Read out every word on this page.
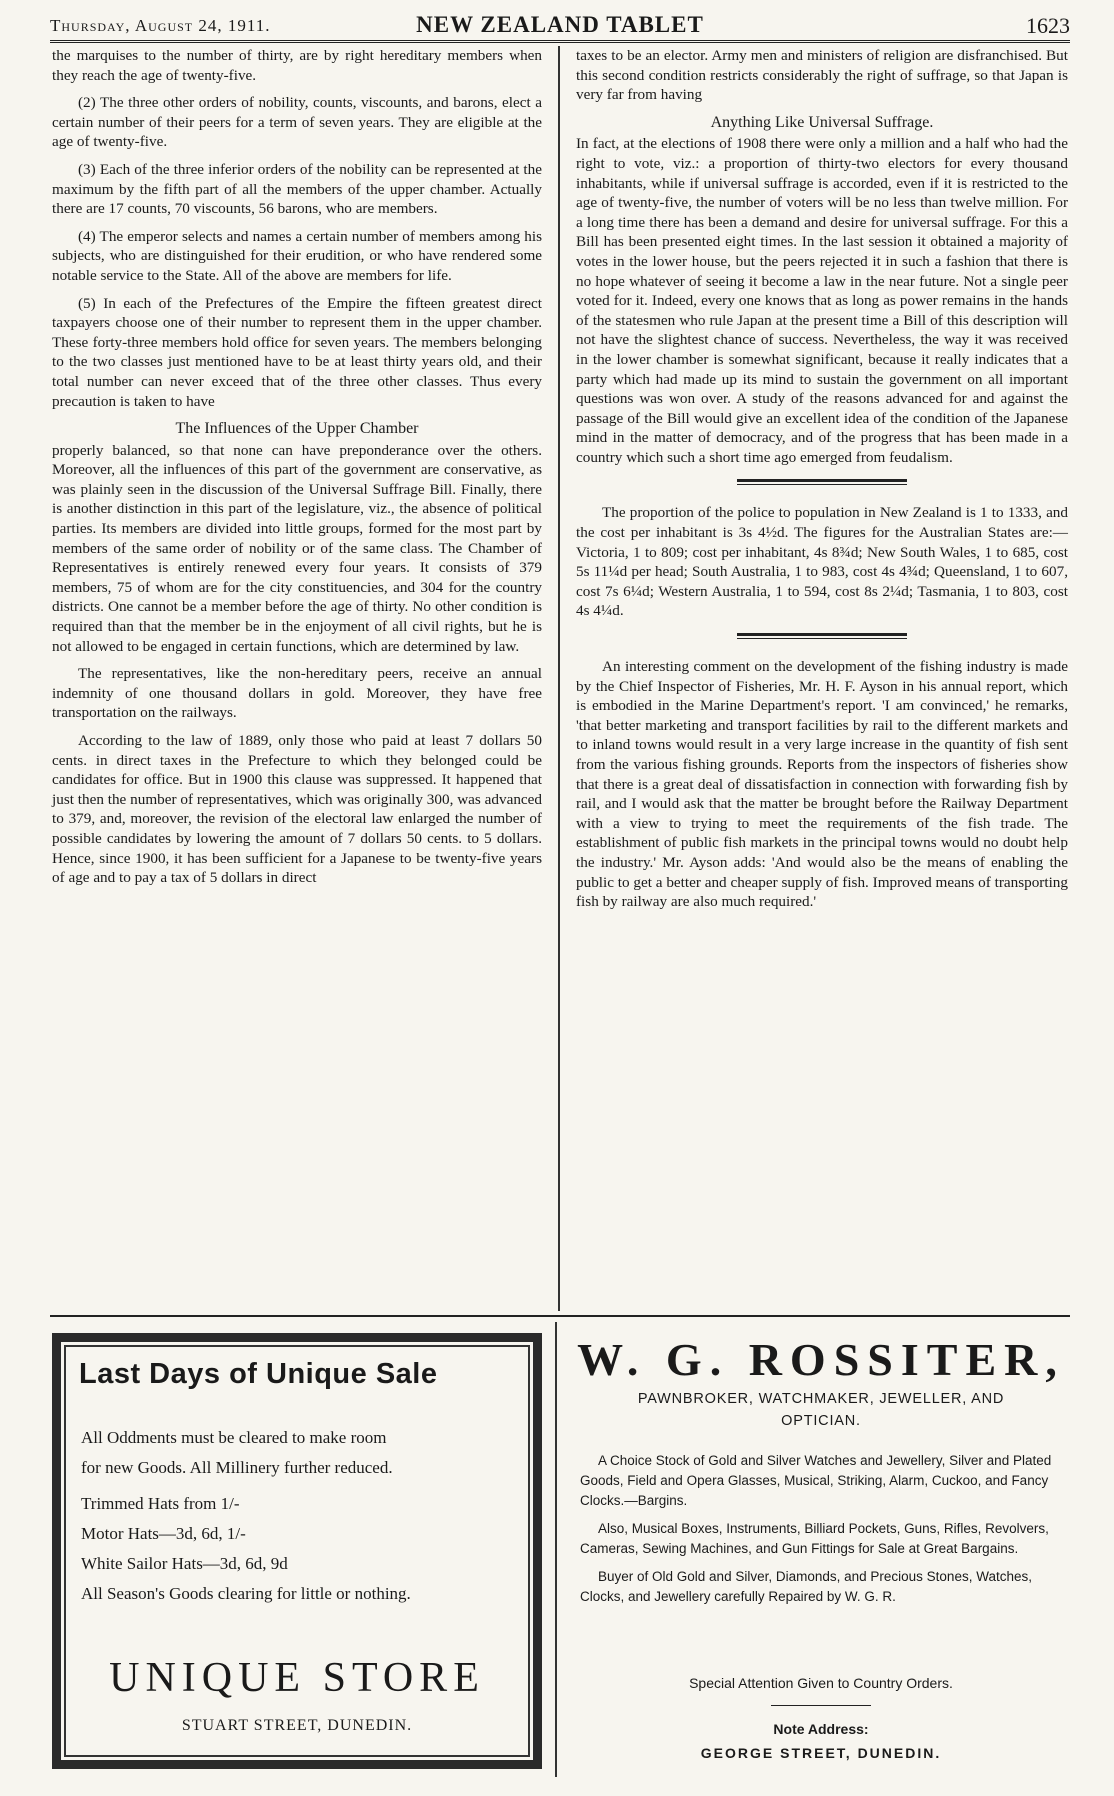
Thursday, August 24, 1911.	NEW ZEALAND TABLET	1623

the marquises to the number of thirty, are by right hereditary members when they reach the age of twenty-five.

(2) The three other orders of nobility, counts, viscounts, and barons, elect a certain number of their peers for a term of seven years. They are eligible at the age of twenty-five.

(3) Each of the three inferior orders of the nobility can be represented at the maximum by the fifth part of all the members of the upper chamber. Actually there are 17 counts, 70 viscounts, 56 barons, who are members.

(4) The emperor selects and names a certain number of members among his subjects, who are distinguished for their erudition, or who have rendered some notable service to the State. All of the above are members for life.

(5) In each of the Prefectures of the Empire the fifteen greatest direct taxpayers choose one of their number to represent them in the upper chamber. These forty-three members hold office for seven years. The members belonging to the two classes just mentioned have to be at least thirty years old, and their total number can never exceed that of the three other classes. Thus every precaution is taken to have

The Influences of the Upper Chamber

properly balanced, so that none can have preponderance over the others. Moreover, all the influences of this part of the government are conservative, as was plainly seen in the discussion of the Universal Suffrage Bill. Finally, there is another distinction in this part of the legislature, viz., the absence of political parties. Its members are divided into little groups, formed for the most part by members of the same order of nobility or of the same class. The Chamber of Representatives is entirely renewed every four years. It consists of 379 members, 75 of whom are for the city constituencies, and 304 for the country districts. One cannot be a member before the age of thirty. No other condition is required than that the member be in the enjoyment of all civil rights, but he is not allowed to be engaged in certain functions, which are determined by law.

The representatives, like the non-hereditary peers, receive an annual indemnity of one thousand dollars in gold. Moreover, they have free transportation on the railways.

According to the law of 1889, only those who paid at least 7 dollars 50 cents. in direct taxes in the Prefecture to which they belonged could be candidates for office. But in 1900 this clause was suppressed. It happened that just then the number of representatives, which was originally 300, was advanced to 379, and, moreover, the revision of the electoral law enlarged the number of possible candidates by lowering the amount of 7 dollars 50 cents. to 5 dollars. Hence, since 1900, it has been sufficient for a Japanese to be twenty-five years of age and to pay a tax of 5 dollars in direct

taxes to be an elector. Army men and ministers of religion are disfranchised. But this second condition restricts considerably the right of suffrage, so that Japan is very far from having

Anything Like Universal Suffrage.

In fact, at the elections of 1908 there were only a million and a half who had the right to vote, viz.: a proportion of thirty-two electors for every thousand inhabitants, while if universal suffrage is accorded, even if it is restricted to the age of twenty-five, the number of voters will be no less than twelve million. For a long time there has been a demand and desire for universal suffrage. For this a Bill has been presented eight times. In the last session it obtained a majority of votes in the lower house, but the peers rejected it in such a fashion that there is no hope whatever of seeing it become a law in the near future. Not a single peer voted for it. Indeed, every one knows that as long as power remains in the hands of the statesmen who rule Japan at the present time a Bill of this description will not have the slightest chance of success. Nevertheless, the way it was received in the lower chamber is somewhat significant, because it really indicates that a party which had made up its mind to sustain the government on all important questions was won over. A study of the reasons advanced for and against the passage of the Bill would give an excellent idea of the condition of the Japanese mind in the matter of democracy, and of the progress that has been made in a country which such a short time ago emerged from feudalism.

The proportion of the police to population in New Zealand is 1 to 1333, and the cost per inhabitant is 3s 4½d. The figures for the Australian States are:— Victoria, 1 to 809; cost per inhabitant, 4s 8¾d; New South Wales, 1 to 685, cost 5s 11¼d per head; South Australia, 1 to 983, cost 4s 4¾d; Queensland, 1 to 607, cost 7s 6¼d; Western Australia, 1 to 594, cost 8s 2¼d; Tasmania, 1 to 803, cost 4s 4¼d.

An interesting comment on the development of the fishing industry is made by the Chief Inspector of Fisheries, Mr. H. F. Ayson in his annual report, which is embodied in the Marine Department's report. 'I am convinced,' he remarks, 'that better marketing and transport facilities by rail to the different markets and to inland towns would result in a very large increase in the quantity of fish sent from the various fishing grounds. Reports from the inspectors of fisheries show that there is a great deal of dissatisfaction in connection with forwarding fish by rail, and I would ask that the matter be brought before the Railway Department with a view to trying to meet the requirements of the fish trade. The establishment of public fish markets in the principal towns would no doubt help the industry.' Mr. Ayson adds: 'And would also be the means of enabling the public to get a better and cheaper supply of fish. Improved means of transporting fish by railway are also much required.'

Last Days of Unique Sale
All Oddments must be cleared to make room
for new Goods. All Millinery further reduced.
Trimmed Hats from 1/-
Motor Hats—3d, 6d, 1/-
White Sailor Hats—3d, 6d, 9d
All Season's Goods clearing for little or nothing.
UNIQUE STORE
STUART STREET, DUNEDIN.
W. G. ROSSITER,
PAWNBROKER, WATCHMAKER, JEWELLER, AND
OPTICIAN.

A Choice Stock of Gold and Silver Watches and Jewellery, Silver and Plated Goods, Field and Opera Glasses, Musical, Striking, Alarm, Cuckoo, and Fancy Clocks.—Bargins.

Also, Musical Boxes, Instruments, Billiard Pockets, Guns, Rifles, Revolvers, Cameras, Sewing Machines, and Gun Fittings for Sale at Great Bargains.

Buyer of Old Gold and Silver, Diamonds, and Precious Stones, Watches, Clocks, and Jewellery carefully Repaired by W. G. R.

Special Attention Given to Country Orders.
Note Address:
GEORGE STREET, DUNEDIN.
